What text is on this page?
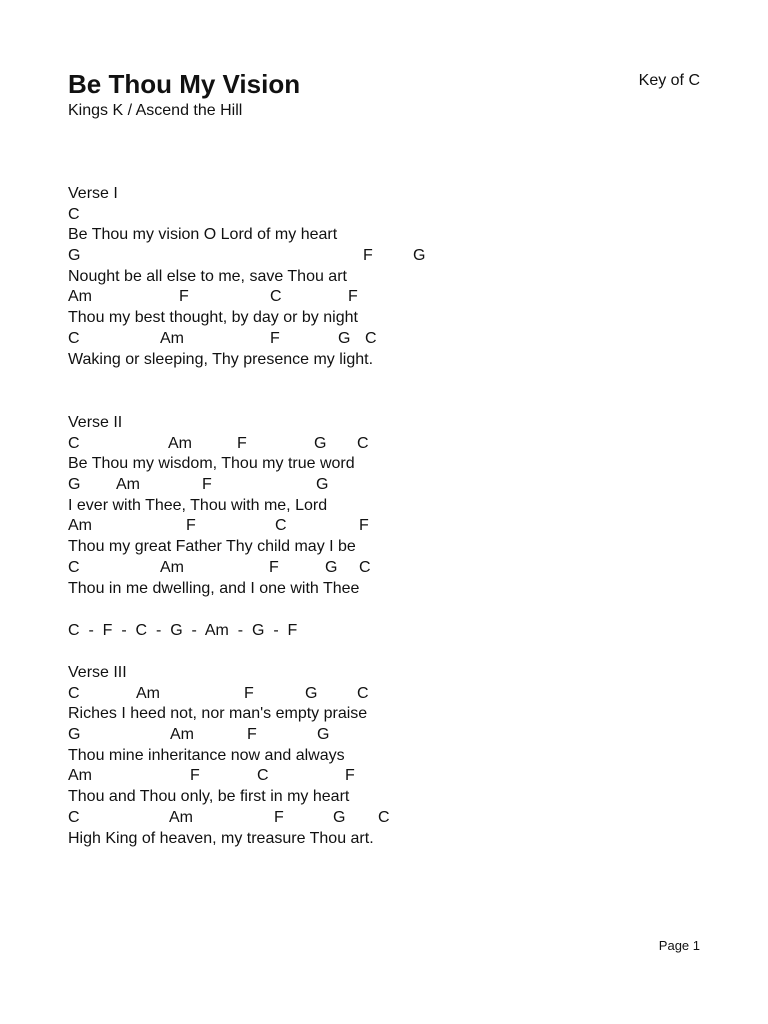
Be Thou My Vision
Kings K / Ascend the Hill
Key of C
Verse I

C

Be Thou my vision O Lord of my heart

G

	F

	G

Nought be all else to me, save Thou art

Am

	F

	C

	F

Thou my best thought, by day or by night

C

	Am

	F

	G

C

Waking or sleeping, Thy presence my light.
Verse II

C

	Am

	F

	G

C

Be Thou my wisdom, Thou my true word

G

Am

	F

	G

I ever with Thee, Thou with me, Lord

Am

	F

	C

	F

Thou my great Father Thy child may I be

C

	Am

	F

	G

C

Thou in me dwelling, and I one with Thee
C  -  F  -  C  -  G  -  Am  -  G  -  F
Verse III

C

	Am

	F

	G

C

Riches I heed not, nor man's empty praise

G

	Am

	F

	G

Thou mine inheritance now and always

Am

	F

	C

	F

Thou and Thou only, be first in my heart

C

	Am

	F

	G

C

High King of heaven, my treasure Thou art.
Page 1
